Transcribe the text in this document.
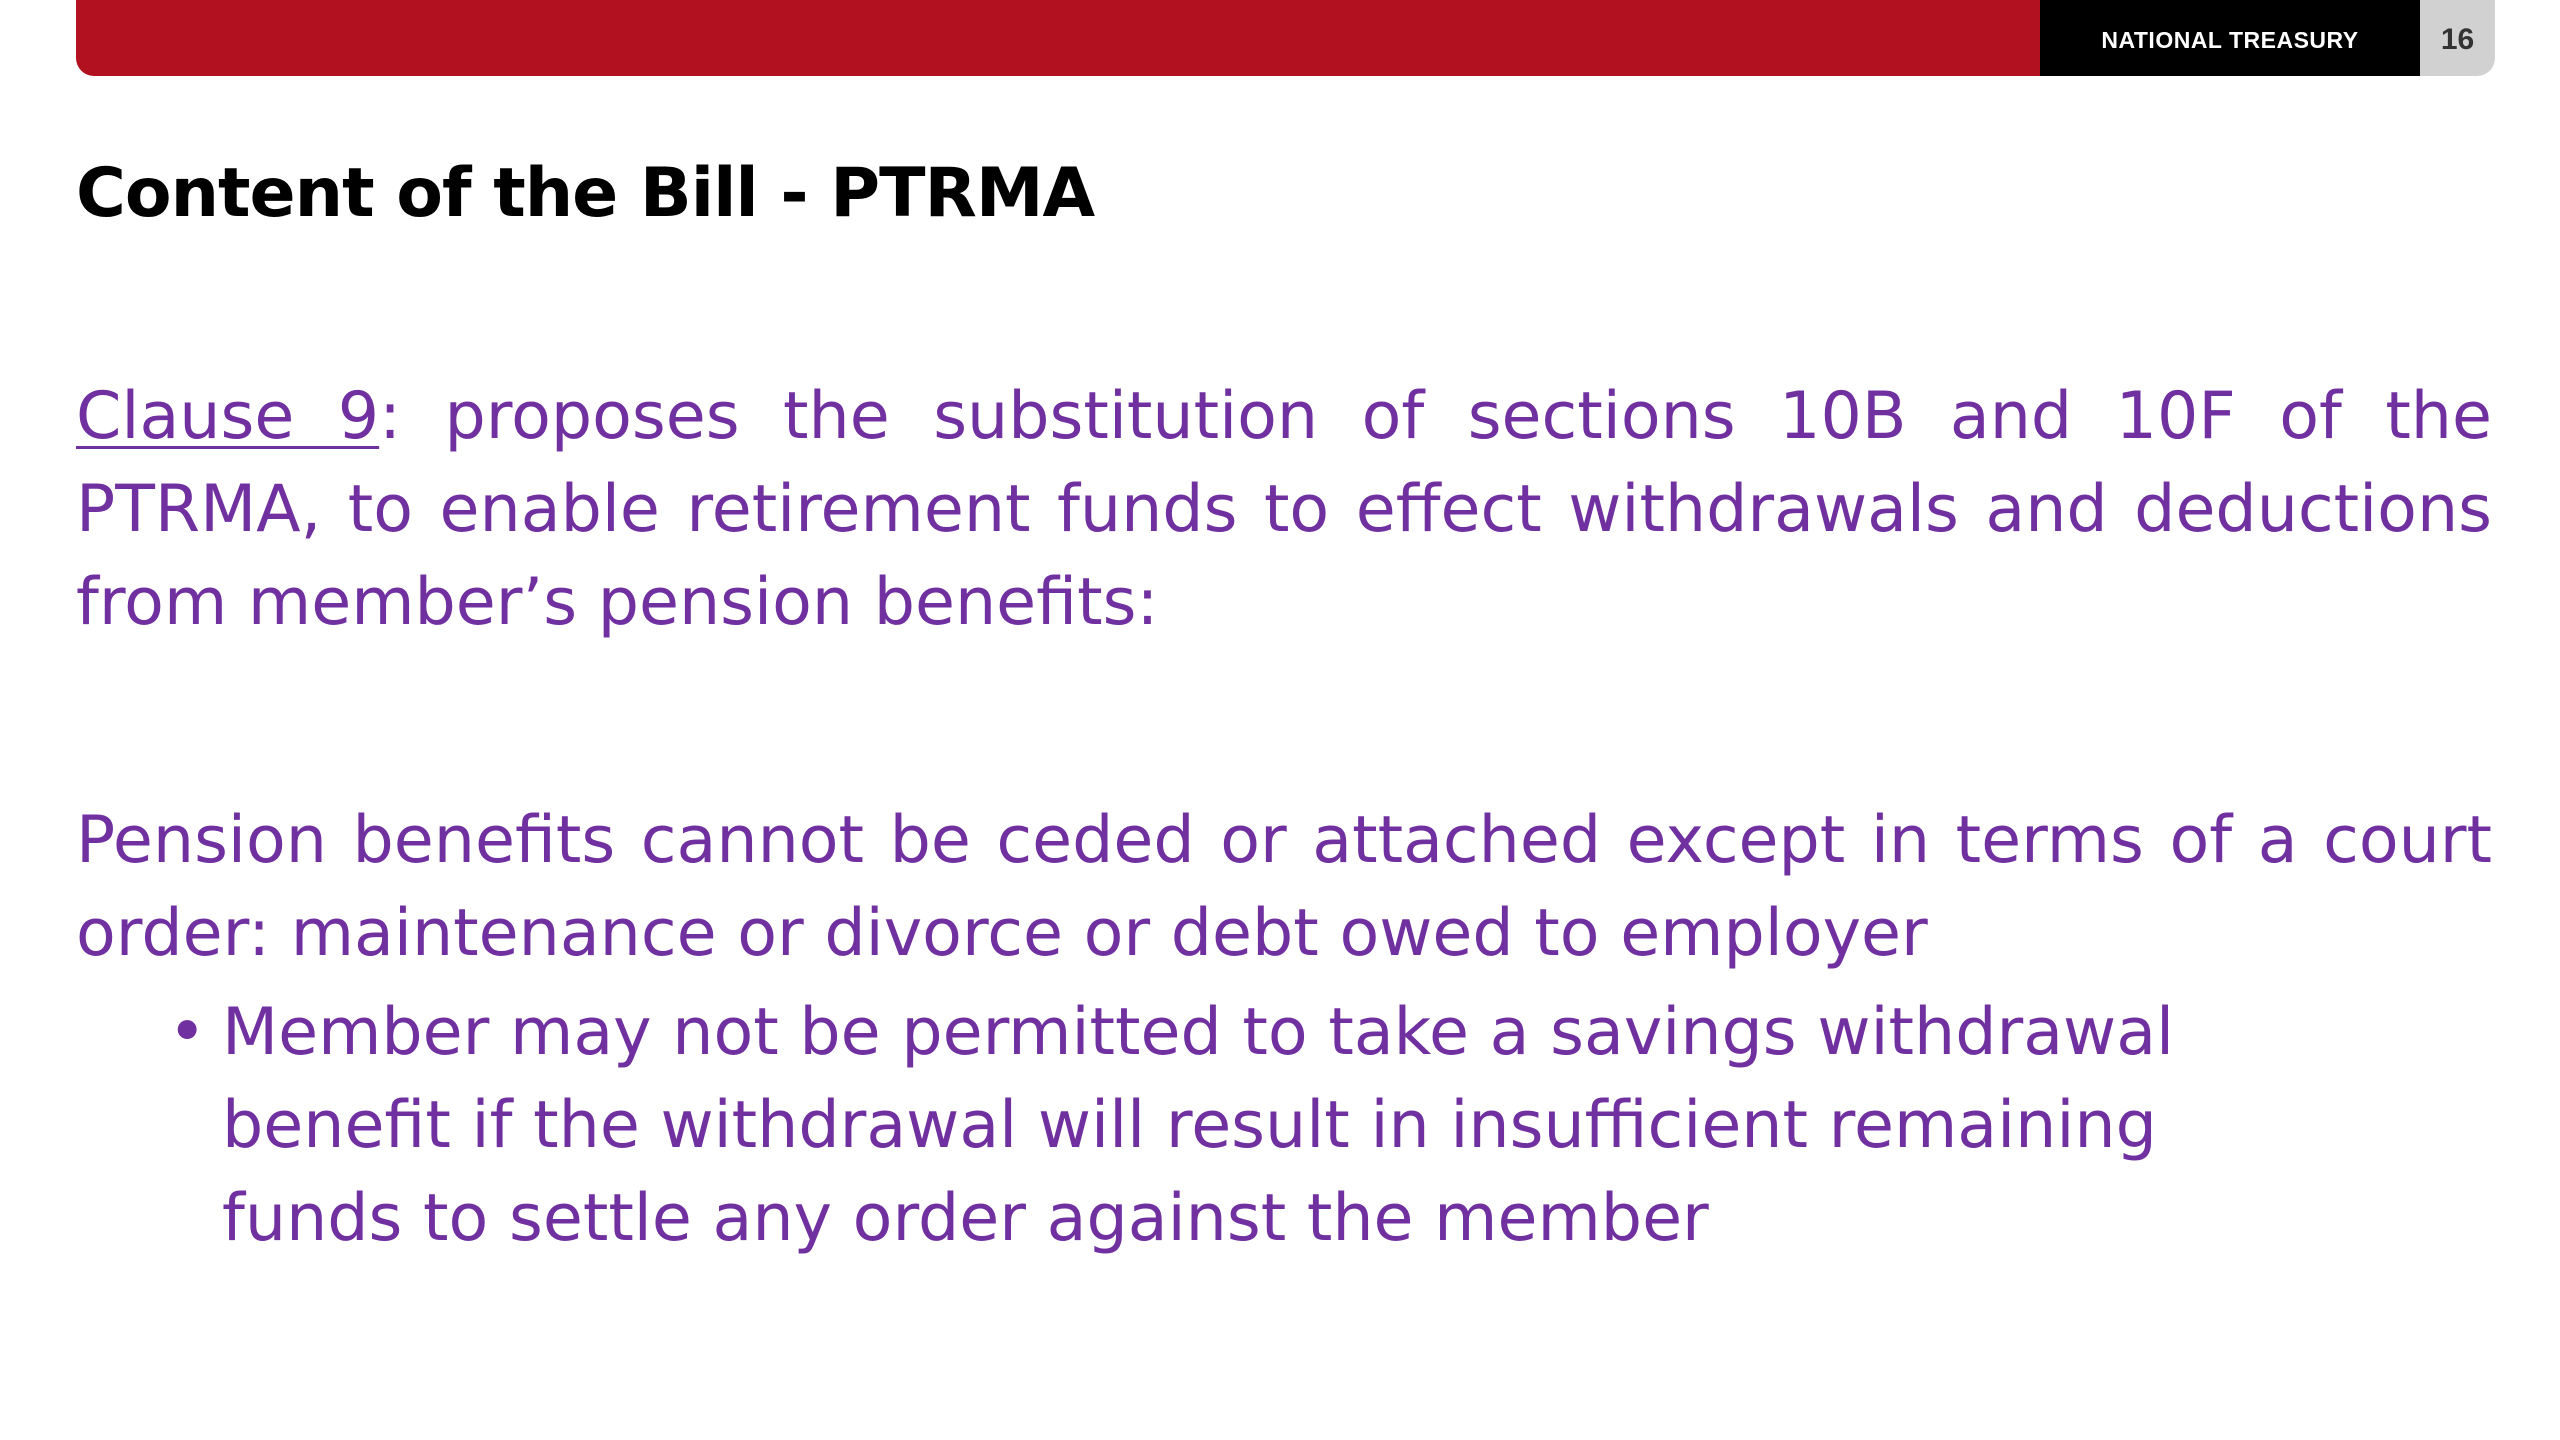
NATIONAL TREASURY	16
Content of the Bill - PTRMA

Clause 9: proposes the substitution of sections 10B and 10F of the PTRMA, to enable retirement funds to effect withdrawals and deductions from member’s pension benefits:

Pension benefits cannot be ceded or attached except in terms of a court order: maintenance or divorce or debt owed to employer

• Member may not be permitted to take a savings withdrawal benefit if the withdrawal will result in insufficient remaining funds to settle any order against the member
